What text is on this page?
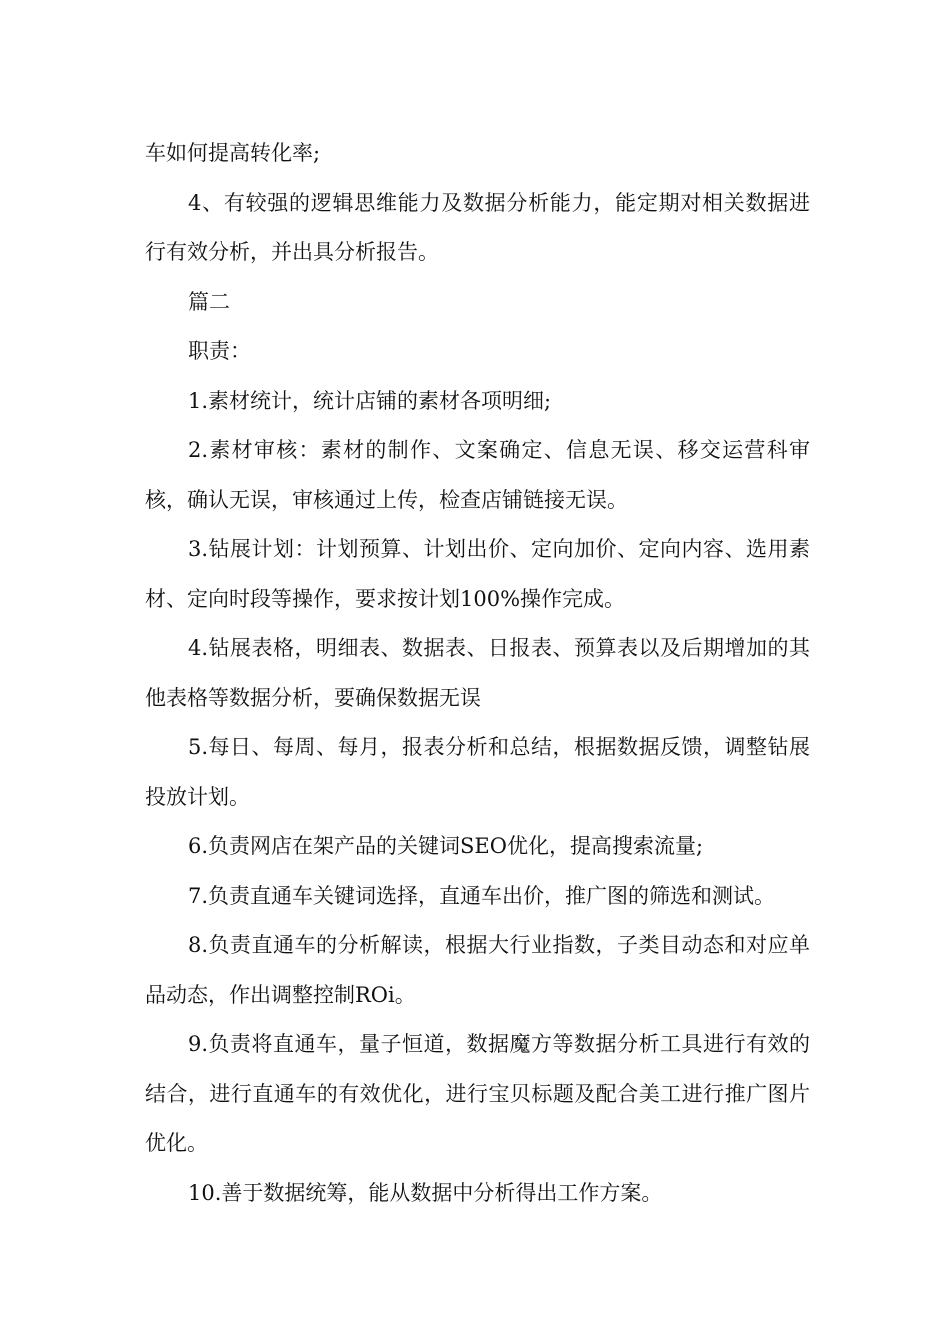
车如何提高转化率;

4、有较强的逻辑思维能力及数据分析能力，能定期对相关数据进行有效分析，并出具分析报告。

篇二

职责：

1.素材统计，统计店铺的素材各项明细;

2.素材审核：素材的制作、文案确定、信息无误、移交运营科审核，确认无误，审核通过上传，检查店铺链接无误。

3.钻展计划：计划预算、计划出价、定向加价、定向内容、选用素材、定向时段等操作，要求按计划100%操作完成。

4.钻展表格，明细表、数据表、日报表、预算表以及后期增加的其他表格等数据分析，要确保数据无误

5.每日、每周、每月，报表分析和总结，根据数据反馈，调整钻展投放计划。

6.负责网店在架产品的关键词SEO优化，提高搜索流量;

7.负责直通车关键词选择，直通车出价，推广图的筛选和测试。

8.负责直通车的分析解读，根据大行业指数，子类目动态和对应单品动态，作出调整控制ROi。

9.负责将直通车，量子恒道，数据魔方等数据分析工具进行有效的结合，进行直通车的有效优化，进行宝贝标题及配合美工进行推广图片优化。

10.善于数据统筹，能从数据中分析得出工作方案。
